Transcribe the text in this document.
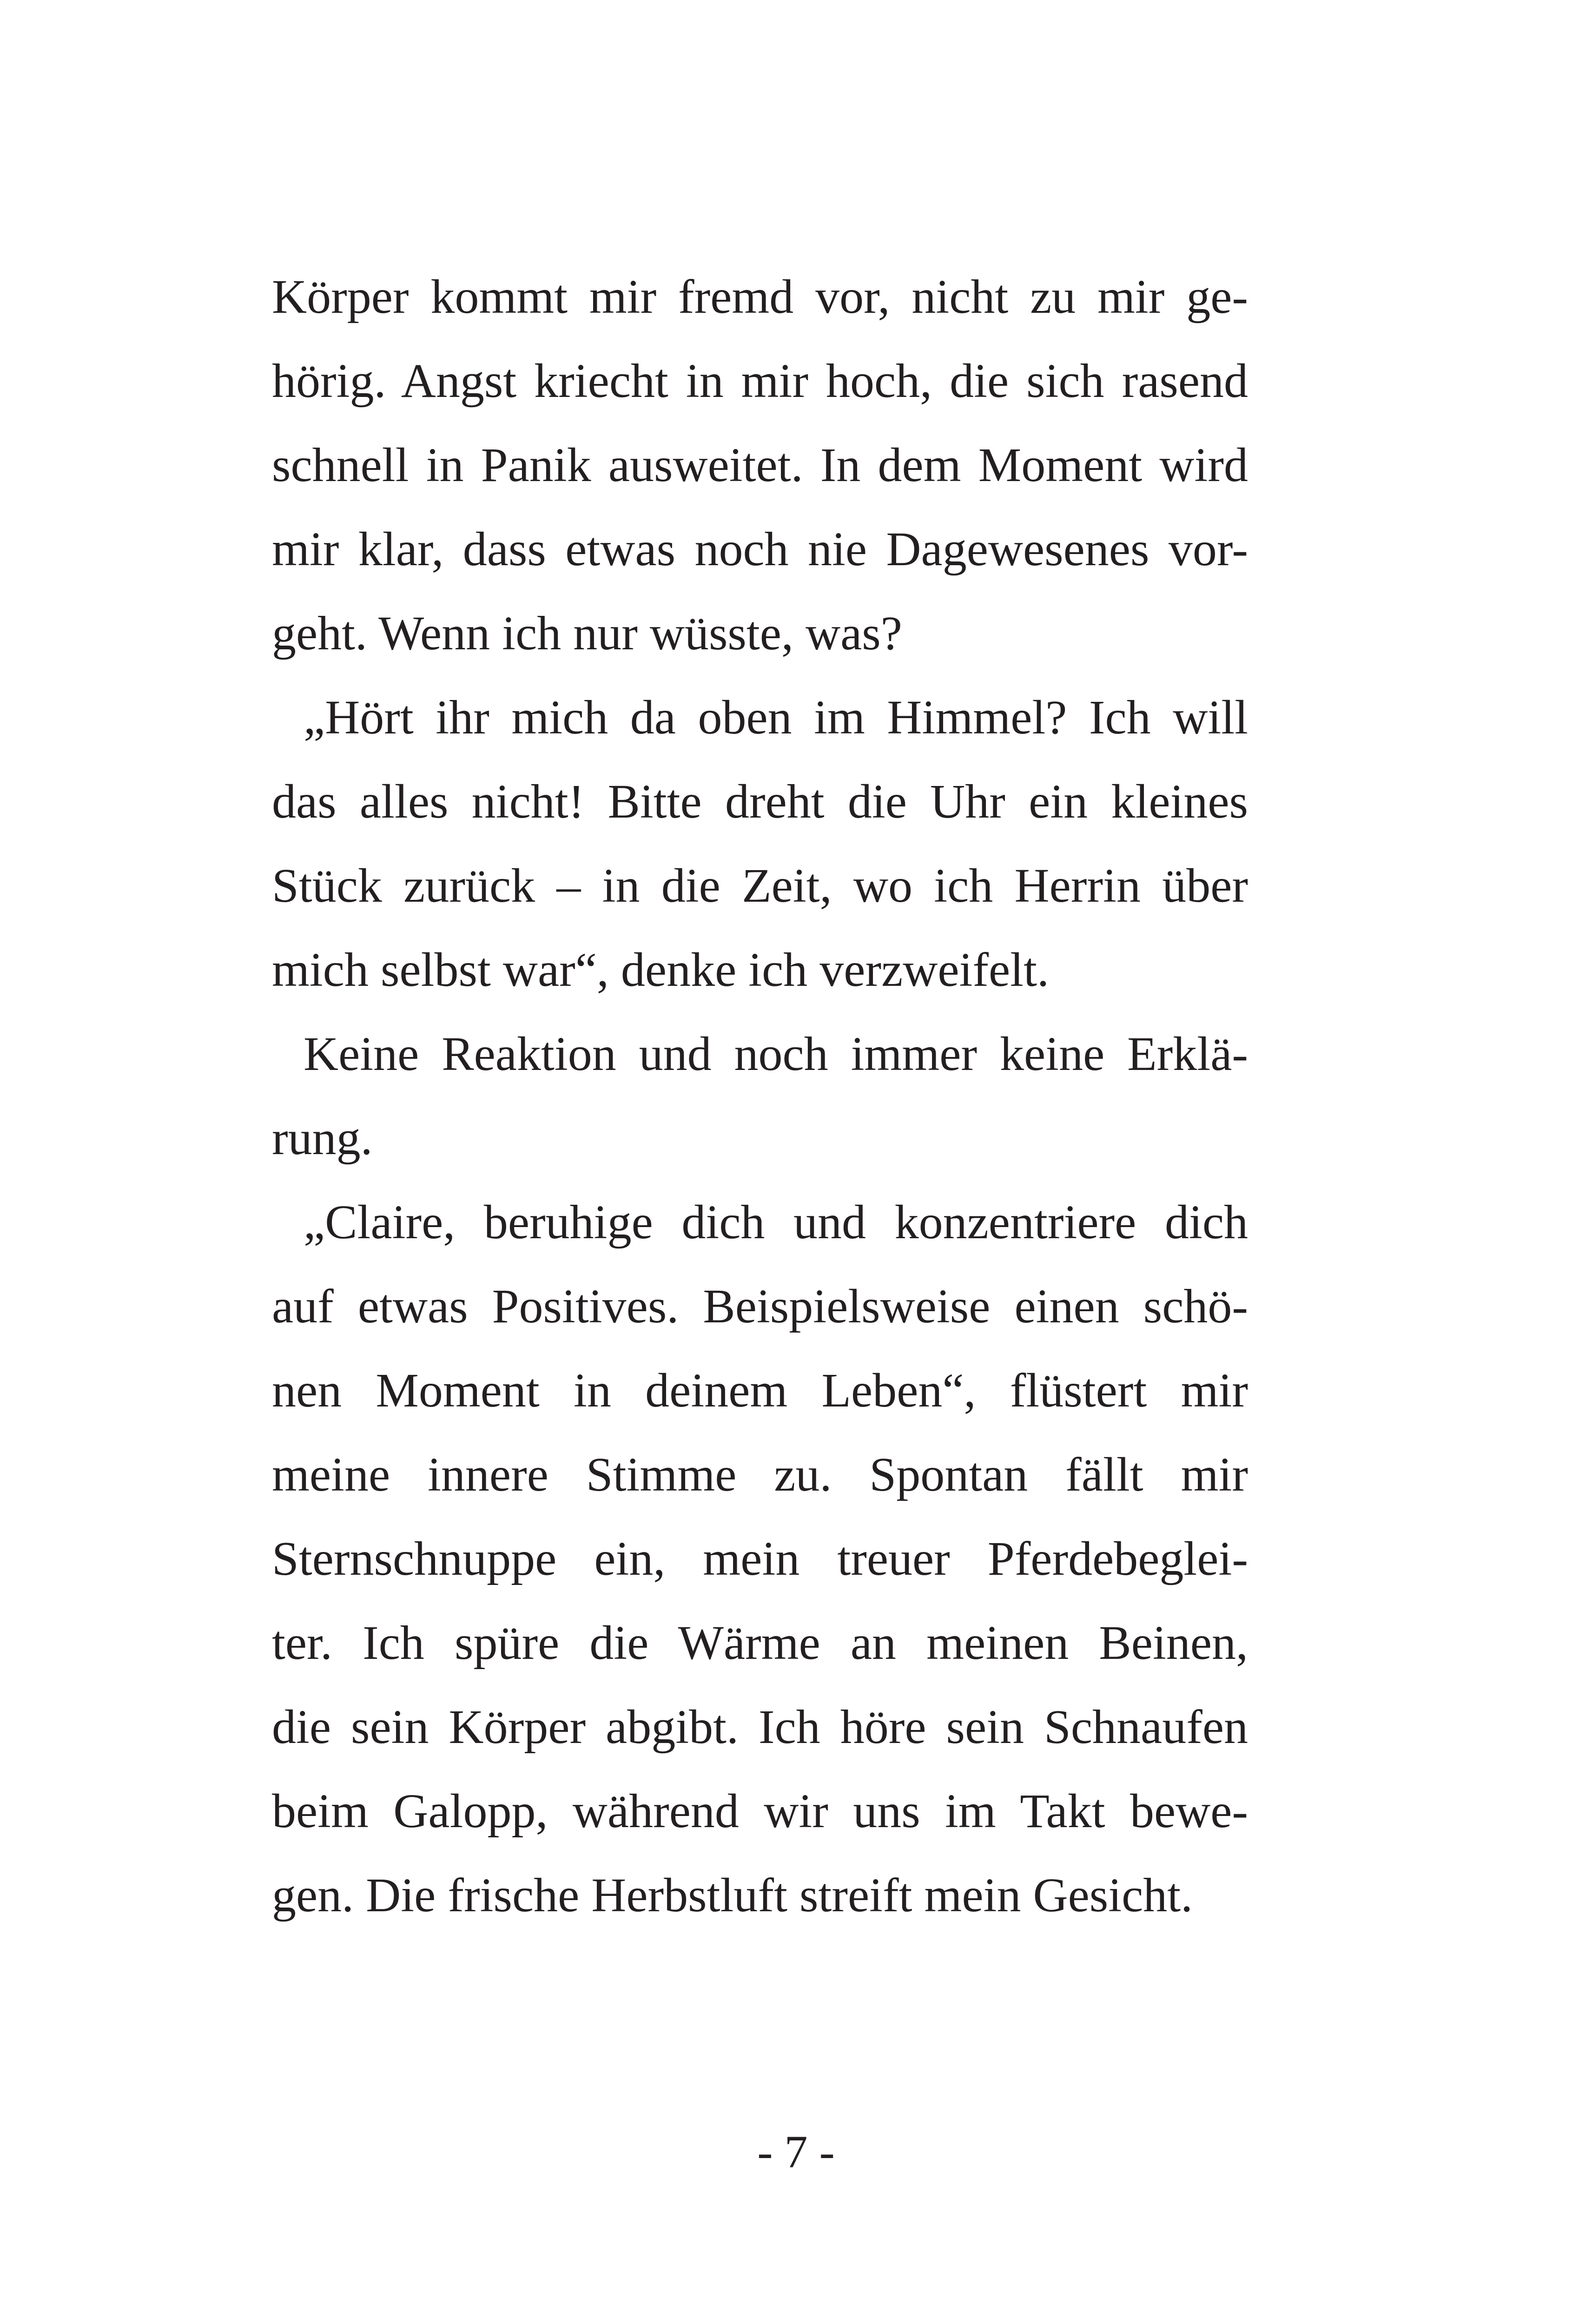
Körper kommt mir fremd vor, nicht zu mir ge-
hörig. Angst kriecht in mir hoch, die sich rasend
schnell in Panik ausweitet. In dem Moment wird
mir klar, dass etwas noch nie Dagewesenes vor-
geht. Wenn ich nur wüsste, was?
„Hört ihr mich da oben im Himmel? Ich will
das alles nicht! Bitte dreht die Uhr ein kleines
Stück zurück – in die Zeit, wo ich Herrin über
mich selbst war“, denke ich verzweifelt.
Keine Reaktion und noch immer keine Erklä-
rung.
„Claire, beruhige dich und konzentriere dich
auf etwas Positives. Beispielsweise einen schö-
nen Moment in deinem Leben“, flüstert mir
meine innere Stimme zu. Spontan fällt mir
Sternschnuppe ein, mein treuer Pferdebeglei-
ter. Ich spüre die Wärme an meinen Beinen,
die sein Körper abgibt. Ich höre sein Schnaufen
beim Galopp, während wir uns im Takt bewe-
gen. Die frische Herbstluft streift mein Gesicht.
- 7 -
